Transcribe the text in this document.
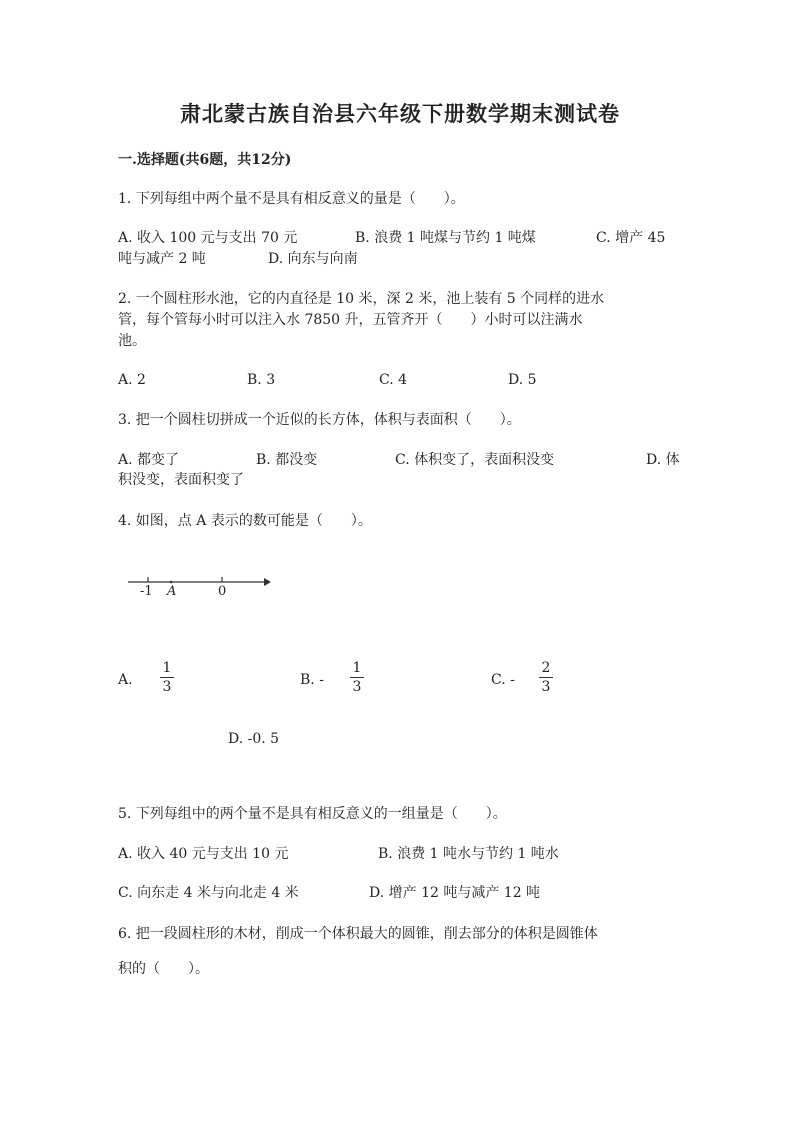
肃北蒙古族自治县六年级下册数学期末测试卷
一.选择题(共6题，共12分)
1. 下列每组中两个量不是具有相反意义的量是（　　）。
A. 收入 100 元与支出 70 元	B. 浪费 1 吨煤与节约 1 吨煤	C. 增产 45
吨与减产 2 吨	D. 向东与向南
2. 一个圆柱形水池，它的内直径是 10 米，深 2 米，池上装有 5 个同样的进水
管，每个管每小时可以注入水 7850 升，五管齐开（　　）小时可以注满水
池。
A. 2	B. 3	C. 4	D. 5
3. 把一个圆柱切拼成一个近似的长方体，体积与表面积（　　）。
A. 都变了	B. 都没变	C. 体积变了，表面积没变	D. 体
积没变，表面积变了
4. 如图，点 A 表示的数可能是（　　）。
-1 A	0
A.
1
3	B. -
1
3	C. -
2
3
D. -0. 5
5. 下列每组中的两个量不是具有相反意义的一组量是（　　）。
A. 收入 40 元与支出 10 元	B. 浪费 1 吨水与节约 1 吨水
C. 向东走 4 米与向北走 4 米	D. 增产 12 吨与减产 12 吨
6. 把一段圆柱形的木材，削成一个体积最大的圆锥，削去部分的体积是圆锥体
积的（　　）。
